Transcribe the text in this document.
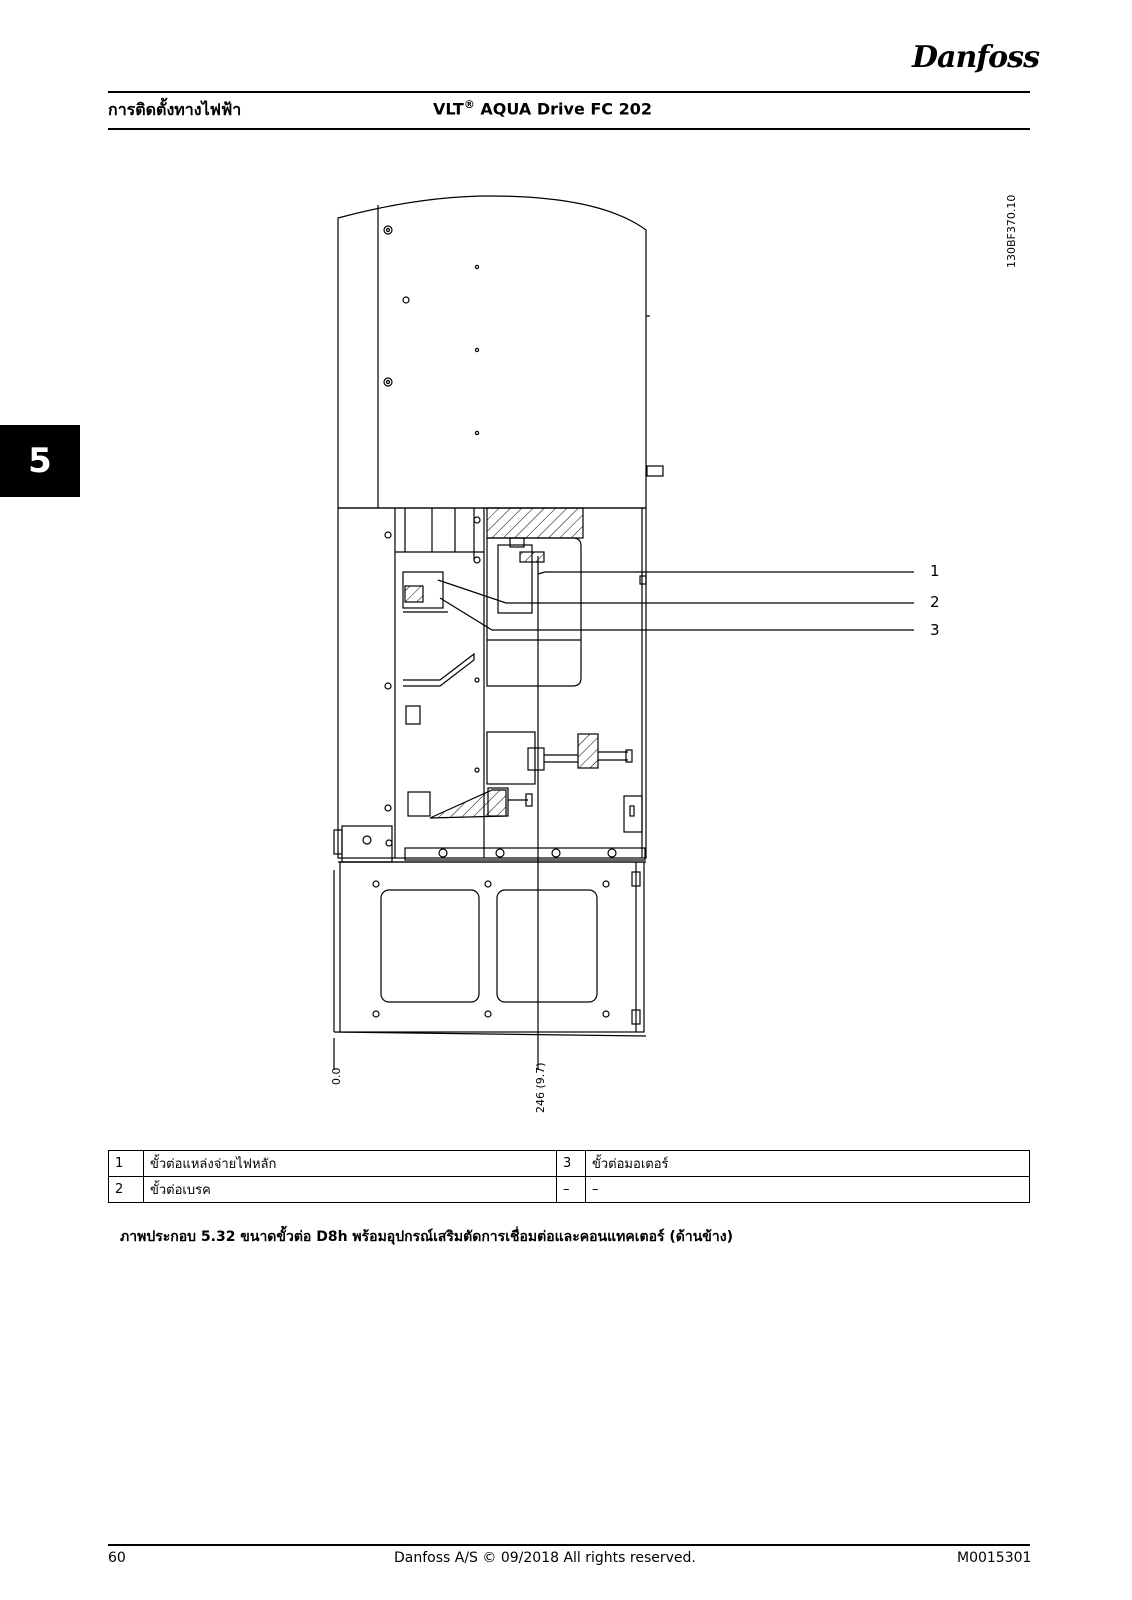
Danfoss
การติดตั้งทางไฟฟ้า	VLT® AQUA Drive FC 202
5
130BF370.10
1
2
3
0.0	246 (9.7)
1	ขั้วต่อแหล่งจ่ายไฟหลัก	3	ขั้วต่อมอเตอร์
2	ขั้วต่อเบรค	–	–
ภาพประกอบ 5.32 ขนาดขั้วต่อ D8h พร้อมอุปกรณ์เสริมตัดการเชื่อมต่อและคอนแทคเตอร์ (ด้านข้าง)
60	Danfoss A/S © 09/2018 All rights reserved.	M0015301
